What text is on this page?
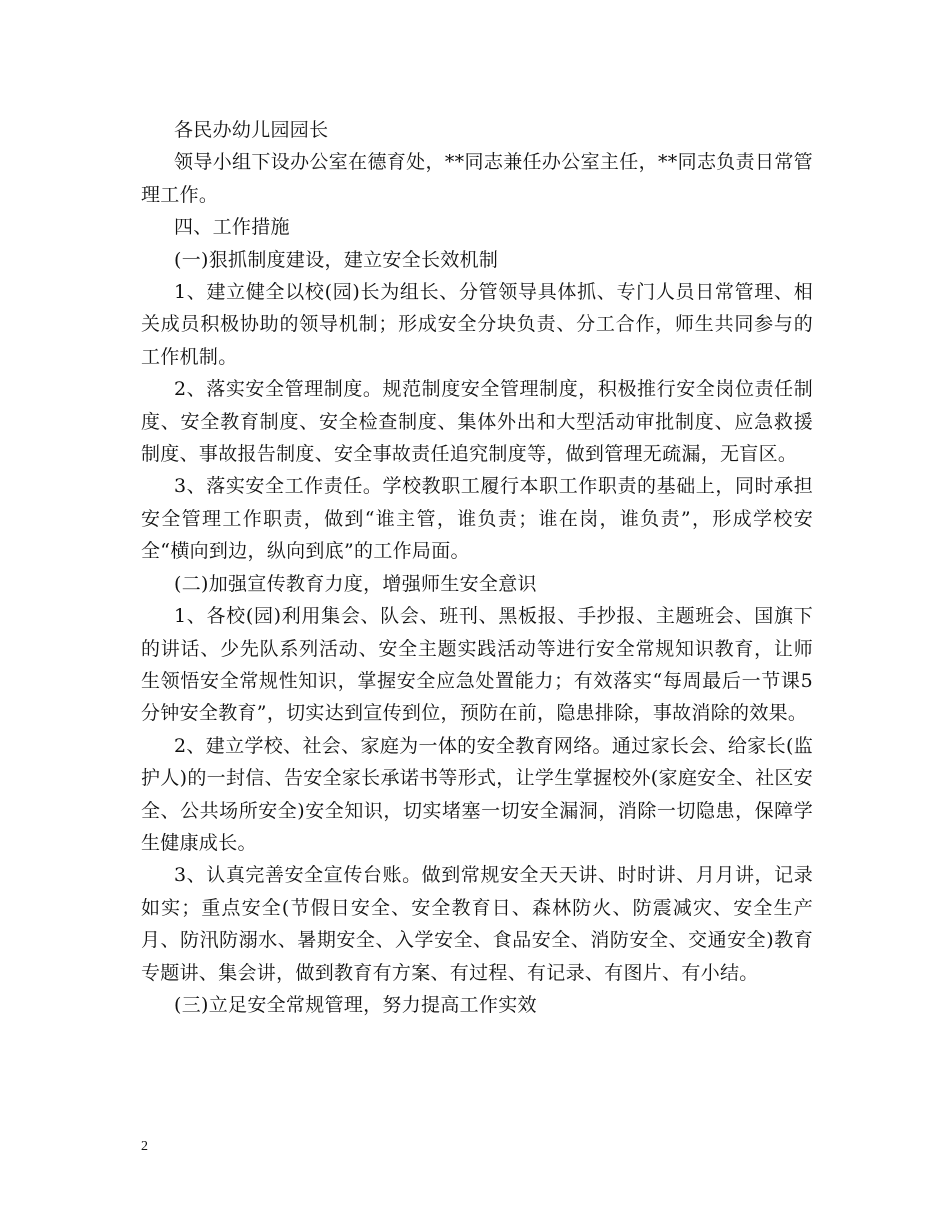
各民办幼儿园园长

领导小组下设办公室在德育处，**同志兼任办公室主任，**同志负责日常管理工作。

四、工作措施

(一)狠抓制度建设，建立安全长效机制

1、建立健全以校(园)长为组长、分管领导具体抓、专门人员日常管理、相关成员积极协助的领导机制；形成安全分块负责、分工合作，师生共同参与的工作机制。

2、落实安全管理制度。规范制度安全管理制度，积极推行安全岗位责任制度、安全教育制度、安全检查制度、集体外出和大型活动审批制度、应急救援制度、事故报告制度、安全事故责任追究制度等，做到管理无疏漏，无盲区。

3、落实安全工作责任。学校教职工履行本职工作职责的基础上，同时承担安全管理工作职责，做到“谁主管，谁负责；谁在岗，谁负责”，形成学校安全“横向到边，纵向到底”的工作局面。

(二)加强宣传教育力度，增强师生安全意识

1、各校(园)利用集会、队会、班刊、黑板报、手抄报、主题班会、国旗下的讲话、少先队系列活动、安全主题实践活动等进行安全常规知识教育，让师生领悟安全常规性知识，掌握安全应急处置能力；有效落实“每周最后一节课5分钟安全教育”，切实达到宣传到位，预防在前，隐患排除，事故消除的效果。

2、建立学校、社会、家庭为一体的安全教育网络。通过家长会、给家长(监护人)的一封信、告安全家长承诺书等形式，让学生掌握校外(家庭安全、社区安全、公共场所安全)安全知识，切实堵塞一切安全漏洞，消除一切隐患，保障学生健康成长。

3、认真完善安全宣传台账。做到常规安全天天讲、时时讲、月月讲，记录如实；重点安全(节假日安全、安全教育日、森林防火、防震减灾、安全生产月、防汛防溺水、暑期安全、入学安全、食品安全、消防安全、交通安全)教育专题讲、集会讲，做到教育有方案、有过程、有记录、有图片、有小结。

(三)立足安全常规管理，努力提高工作实效

2
